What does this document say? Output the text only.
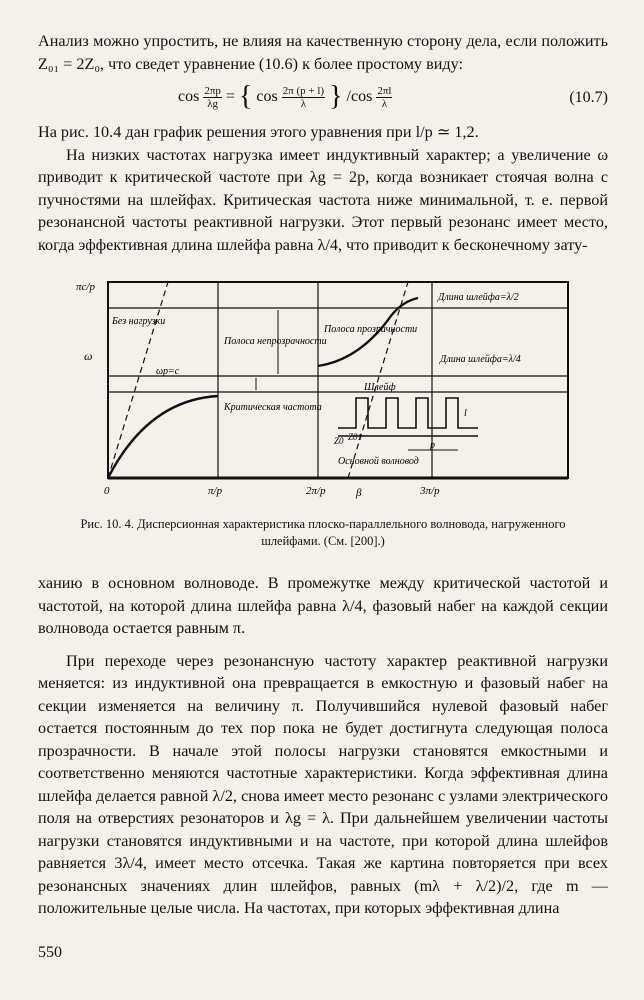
Анализ можно упростить, не влияя на качественную сторону дела, если положить Z₀₁ = 2Z₀, что сведет уравнение (10.6) к более простому виду:

$\cos \frac{2\pi p}{\lambda g}$ = { $\cos \frac{2\pi (p + l)}{\lambda}$ } $/\cos \frac{2\pi l}{\lambda}$	(10.7)

На рис. 10.4 дан график решения этого уравнения при l/p ≃ 1,2.

На низких частотах нагрузка имеет индуктивный характер; а увеличение ω приводит к критической частоте при λg = 2p, когда возникает стоячая волна с пучностями на шлейфах. Критическая частота ниже минимальной, т. е. первой резонансной частоты реактивной нагрузки. Этот первый резонанс имеет место, когда эффективная длина шлейфа равна λ/4, что приводит к бесконечному зату-

πc/p
ω
Без нагрузки
ωp=c
Полоса непрозрачности
Полоса прозрачности
Критическая частота
Длина шлейфа=λ/2
Длина шлейфа=λ/4
Шлейф
Z0 Z01
Основной волновод
l
p
0	π/p	2π/p	β	3π/p
Рис. 10. 4. Дисперсионная характеристика плоско-параллельного волновода, нагруженного шлейфами. (См. [200].)

ханию в основном волноводе. В промежутке между критической частотой и частотой, на которой длина шлейфа равна λ/4, фазовый набег на каждой секции волновода остается равным π.

При переходе через резонансную частоту характер реактивной нагрузки меняется: из индуктивной она превращается в емкостную и фазовый набег на секции изменяется на величину π. Получившийся нулевой фазовый набег остается постоянным до тех пор пока не будет достигнута следующая полоса прозрачности. В начале этой полосы нагрузки становятся емкостными и соответственно меняются частотные характеристики. Когда эффективная длина шлейфа делается равной λ/2, снова имеет место резонанс с узлами электрического поля на отверстиях резонаторов и λg = λ. При дальнейшем увеличении частоты нагрузки становятся индуктивными и на частоте, при которой длина шлейфов равняется 3λ/4, имеет место отсечка. Такая же картина повторяется при всех резонансных значениях длин шлейфов, равных (mλ + λ/2)/2, где m — положительные целые числа. На частотах, при которых эффективная длина

550
